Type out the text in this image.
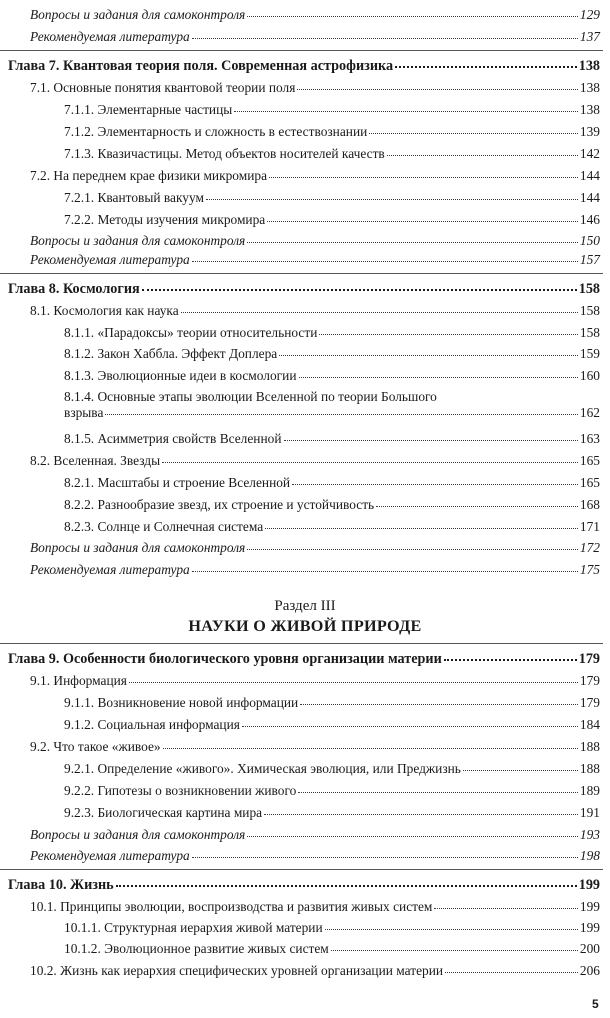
Раздел III
НАУКИ О ЖИВОЙ ПРИРОДЕ
Вопросы и задания для самоконтроля	129
Рекомендуемая литература	137
Глава 7. Квантовая теория поля. Современная астрофизика	138
7.1. Основные понятия квантовой теории поля	138
7.1.1. Элементарные частицы	138
7.1.2. Элементарность и сложность в естествознании	139
7.1.3. Квазичастицы. Метод объектов носителей качеств	142
7.2. На переднем крае физики микромира	144
7.2.1. Квантовый вакуум	144
7.2.2. Методы изучения микромира	146
Вопросы и задания для самоконтроля	150
Рекомендуемая литература	157
Глава 8. Космология	158
8.1. Космология как наука	158
8.1.1. «Парадоксы» теории относительности	158
8.1.2. Закон Хаббла. Эффект Доплера	159
8.1.3. Эволюционные идеи в космологии	160
8.1.4. Основные этапы эволюции Вселенной по теории Большого
взрыва	162
8.1.5. Асимметрия свойств Вселенной	163
8.2. Вселенная. Звезды	165
8.2.1. Масштабы и строение Вселенной	165
8.2.2. Разнообразие звезд, их строение и устойчивость	168
8.2.3. Солнце и Солнечная система	171
Вопросы и задания для самоконтроля	172
Рекомендуемая литература	175
Глава 9. Особенности биологического уровня организации материи	179
9.1. Информация	179
9.1.1. Возникновение новой информации	179
9.1.2. Социальная информация	184
9.2. Что такое «живое»	188
9.2.1. Определение «живого». Химическая эволюция, или Преджизнь	188
9.2.2. Гипотезы о возникновении живого	189
9.2.3. Биологическая картина мира	191
Вопросы и задания для самоконтроля	193
Рекомендуемая литература	198
Глава 10. Жизнь	199
10.1. Принципы эволюции, воспроизводства и развития живых систем	199
10.1.1. Структурная иерархия живой материи	199
10.1.2. Эволюционное развитие живых систем	200
10.2. Жизнь как иерархия специфических уровней организации материи	206
5
